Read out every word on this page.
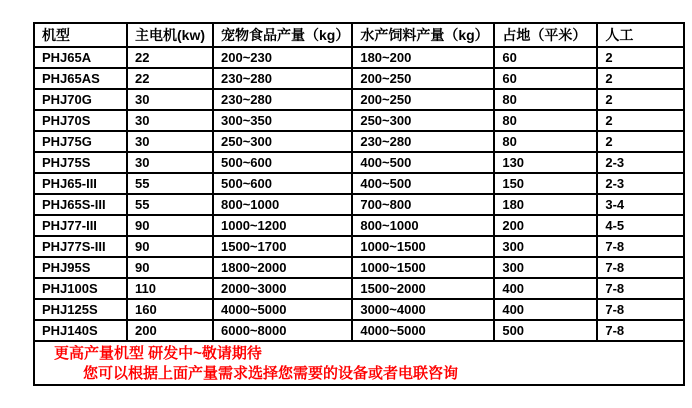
机型	主电机(kw)	宠物食品产量（kg）	水产饲料产量（kg）	占地（平米）	人工
PHJ65A	22	200~230	180~200	60	2
PHJ65AS	22	230~280	200~250	60	2
PHJ70G	30	230~280	200~250	80	2
PHJ70S	30	300~350	250~300	80	2
PHJ75G	30	250~300	230~280	80	2
PHJ75S	30	500~600	400~500	130	2-3
PHJ65-III	55	500~600	400~500	150	2-3
PHJ65S-III	55	800~1000	700~800	180	3-4
PHJ77-III	90	1000~1200	800~1000	200	4-5
PHJ77S-III	90	1500~1700	1000~1500	300	7-8
PHJ95S	90	1800~2000	1000~1500	300	7-8
PHJ100S	110	2000~3000	1500~2000	400	7-8
PHJ125S	160	4000~5000	3000~4000	400	7-8
PHJ140S	200	6000~8000	4000~5000	500	7-8

更高产量机型 研发中~敬请期待
您可以根据上面产量需求选择您需要的设备或者电联咨询					
